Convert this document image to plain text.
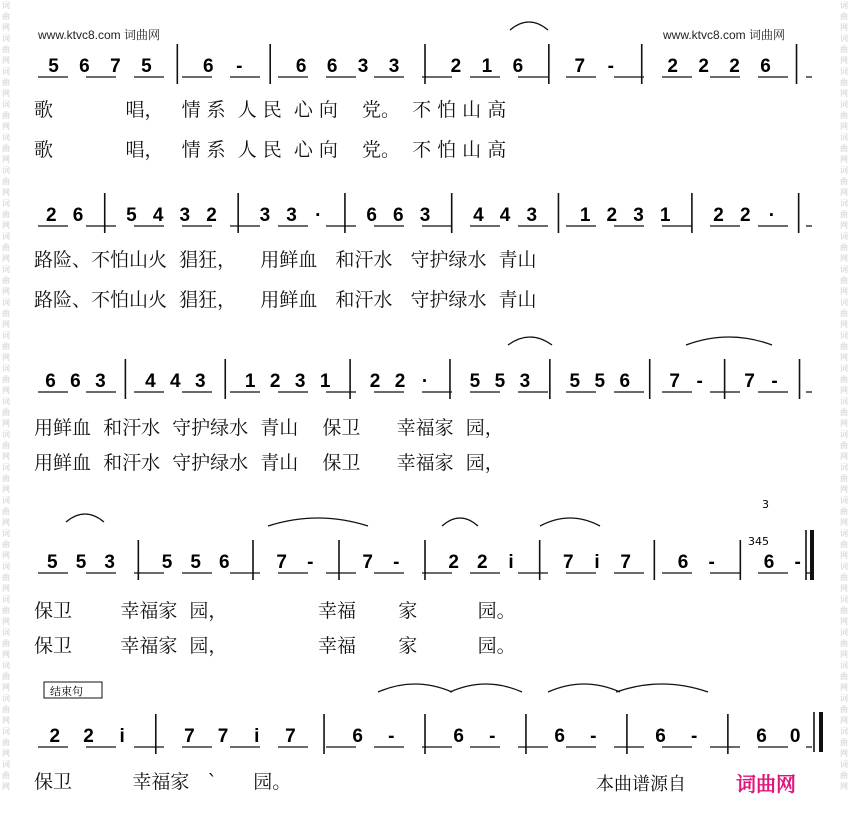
词曲网词曲网词曲网词曲网词曲网词曲网词曲网词曲网词曲网词曲网词曲网词曲网词曲网词曲网词曲网词曲网词曲网词曲网词曲网词曲网词曲网词曲网词曲网词曲网
词曲网词曲网词曲网词曲网词曲网词曲网词曲网词曲网词曲网词曲网词曲网词曲网词曲网词曲网词曲网词曲网词曲网词曲网词曲网词曲网词曲网词曲网词曲网词曲网
www.ktvc8.com 词曲网	www.ktvc8.com 词曲网
5 6 7 5	6 -	6 6 3 3	2 1 6	7 -	2 2 2 6
2 6 5 4 3 2 3 3 · 6 6 3 4 4 3 1 2 3 1 2 2 ·
6 6 3 4 4 3 1 2 3 1 2 2 · 5 5 3 5 5 6 7 - 7 -
5 5 3 5 5 6 7 -	7 -	2 2 i	7 i 7 6 -	6 -
2 2 i	7 7 i 7	6 -	6 -	6 -	6 -	6 0
3
345
结束句
歌            唱，   情 系  人 民  心 向    党。  不 怕 山 高
歌            唱，   情 系  人 民  心 向    党。  不 怕 山 高
路险、不怕山火  猖狂，    用鲜血   和汗水   守护绿水  青山
路险、不怕山火  猖狂，    用鲜血   和汗水   守护绿水  青山
用鲜血  和汗水  守护绿水  青山    保卫      幸福家  园，
用鲜血  和汗水  守护绿水  青山    保卫      幸福家  园，
保卫        幸福家  园，               幸福       家          园。
保卫        幸福家  园，               幸福       家          园。
保卫          幸福家   ˋ      园。	本曲谱源自	词曲网
